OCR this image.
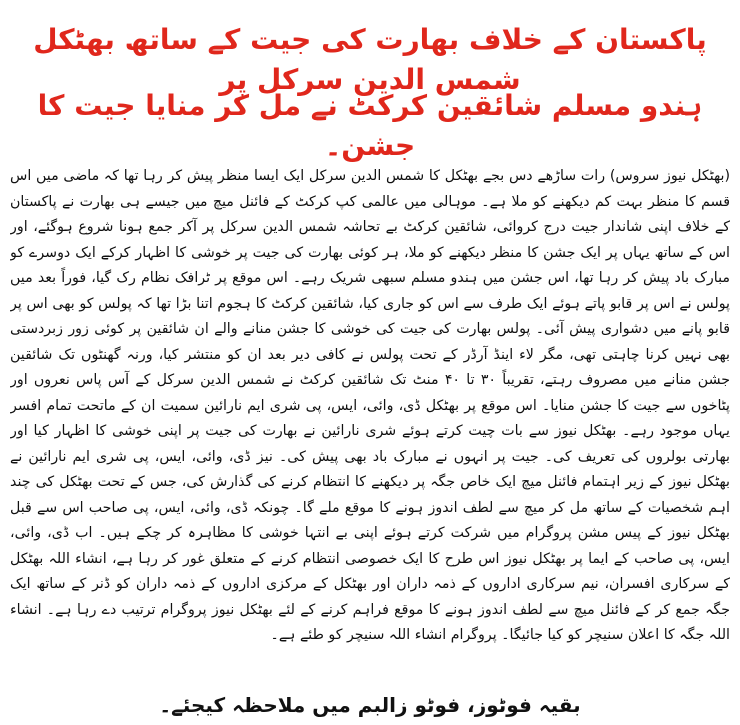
پاکستان کے خلاف بھارت کی جیت کے ساتھ بھٹکل شمس الدین سرکل پر
ہندو مسلم شائقین کرکٹ نے مل کر منایا جیت کا جشن۔

(بھٹکل نیوز سروس) رات ساڑھے دس بجے بھٹکل کا شمس الدین سرکل ایک ایسا منظر پیش کر رہا تھا کہ ماضی میں اس قسم کا منظر بہت کم دیکھنے کو ملا ہے۔ موہالی میں عالمی کپ کرکٹ کے فائنل میچ میں جیسے ہی بھارت نے پاکستان کے خلاف اپنی شاندار جیت درج کروائی، شائقین کرکٹ بے تحاشہ شمس الدین سرکل پر آکر جمع ہونا شروع ہوگئے، اور اس کے ساتھ یہاں پر ایک جشن کا منظر دیکھنے کو ملا، ہر کوئی بھارت کی جیت پر خوشی کا اظہار کرکے ایک دوسرے کو مبارک باد پیش کر رہا تھا، اس جشن میں ہندو مسلم سبھی شریک رہے۔ اس موقع پر ٹرافک نظام رک گیا، فوراً بعد میں پولس نے اس پر قابو پاتے ہوئے ایک طرف سے اس کو جاری کیا، شائقین کرکٹ کا ہجوم اتنا بڑا تھا کہ پولس کو بھی اس پر قابو پانے میں دشواری پیش آئی۔ پولس بھارت کی جیت کی خوشی کا جشن منانے والے ان شائقین پر کوئی زور زبردستی بھی نہیں کرنا چاہتی تھی، مگر لاء اینڈ آرڈر کے تحت پولس نے کافی دیر بعد ان کو منتشر کیا، ورنہ گھنٹوں تک شائقین جشن منانے میں مصروف رہتے، تقریباً ۳۰ تا ۴۰ منٹ تک شائقین کرکٹ نے شمس الدین سرکل کے آس پاس نعروں اور پٹاخوں سے جیت کا جشن منایا۔ اس موقع پر بھٹکل ڈی، وائی، ایس، پی شری ایم نارائین سمیت ان کے ماتحت تمام افسر یہاں موجود رہے۔ بھٹکل نیوز سے بات چیت کرتے ہوئے شری نارائین نے بھارت کی جیت پر اپنی خوشی کا اظہار کیا اور بھارتی بولروں کی تعریف کی۔ جیت پر انہوں نے مبارک باد بھی پیش کی۔ نیز ڈی، وائی، ایس، پی شری ایم نارائین نے بھٹکل نیوز کے زیر اہتمام فائنل میچ ایک خاص جگہ پر دیکھنے کا انتظام کرنے کی گذارش کی، جس کے تحت بھٹکل کی چند اہم شخصیات کے ساتھ مل کر میچ سے لطف اندوز ہونے کا موقع ملے گا۔ چونکہ ڈی، وائی، ایس، پی صاحب اس سے قبل بھٹکل نیوز کے پیس مشن پروگرام میں شرکت کرتے ہوئے اپنی بے انتہا خوشی کا مظاہرہ کر چکے ہیں۔ اب ڈی، وائی، ایس، پی صاحب کے ایما پر بھٹکل نیوز اس طرح کا ایک خصوصی انتظام کرنے کے متعلق غور کر رہا ہے، انشاء اللہ بھٹکل کے سرکاری افسران، نیم سرکاری اداروں کے ذمہ داران اور بھٹکل کے مرکزی اداروں کے ذمہ داران کو ڈنر کے ساتھ ایک جگہ جمع کر کے فائنل میچ سے لطف اندوز ہونے کا موقع فراہم کرنے کے لئے بھٹکل نیوز پروگرام ترتیب دے رہا ہے۔ انشاء اللہ جگہ کا اعلان سنیچر کو کیا جائیگا۔ پروگرام انشاء اللہ سنیچر کو طئے ہے۔

بقیہ فوٹوز، فوٹو زالبم میں ملاحظہ کیجئے۔
